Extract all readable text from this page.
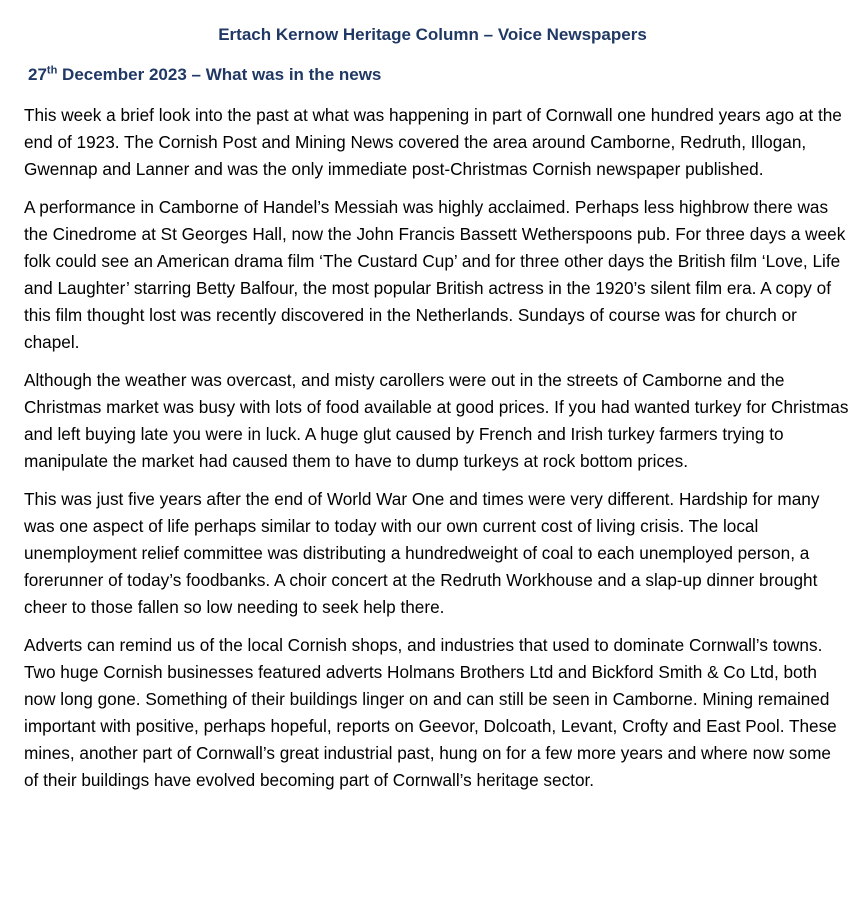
Ertach Kernow Heritage Column – Voice Newspapers
27th December 2023 – What was in the news

This week a brief look into the past at what was happening in part of Cornwall one hundred years ago at the end of 1923. The Cornish Post and Mining News covered the area around Camborne, Redruth, Illogan, Gwennap and Lanner and was the only immediate post-Christmas Cornish newspaper published.

A performance in Camborne of Handel’s Messiah was highly acclaimed. Perhaps less highbrow there was the Cinedrome at St Georges Hall, now the John Francis Bassett Wetherspoons pub. For three days a week folk could see an American drama film ‘The Custard Cup’ and for three other days the British film ‘Love, Life and Laughter’ starring Betty Balfour, the most popular British actress in the 1920’s silent film era. A copy of this film thought lost was recently discovered in the Netherlands. Sundays of course was for church or chapel.

Although the weather was overcast, and misty carollers were out in the streets of Camborne and the Christmas market was busy with lots of food available at good prices. If you had wanted turkey for Christmas and left buying late you were in luck. A huge glut caused by French and Irish turkey farmers trying to manipulate the market had caused them to have to dump turkeys at rock bottom prices.

This was just five years after the end of World War One and times were very different. Hardship for many was one aspect of life perhaps similar to today with our own current cost of living crisis. The local unemployment relief committee was distributing a hundredweight of coal to each unemployed person, a forerunner of today’s foodbanks. A choir concert at the Redruth Workhouse and a slap-up dinner brought cheer to those fallen so low needing to seek help there.

Adverts can remind us of the local Cornish shops, and industries that used to dominate Cornwall’s towns. Two huge Cornish businesses featured adverts Holmans Brothers Ltd and Bickford Smith & Co Ltd, both now long gone. Something of their buildings linger on and can still be seen in Camborne. Mining remained important with positive, perhaps hopeful, reports on Geevor, Dolcoath, Levant, Crofty and East Pool. These mines, another part of Cornwall’s great industrial past, hung on for a few more years and where now some of their buildings have evolved becoming part of Cornwall’s heritage sector.
